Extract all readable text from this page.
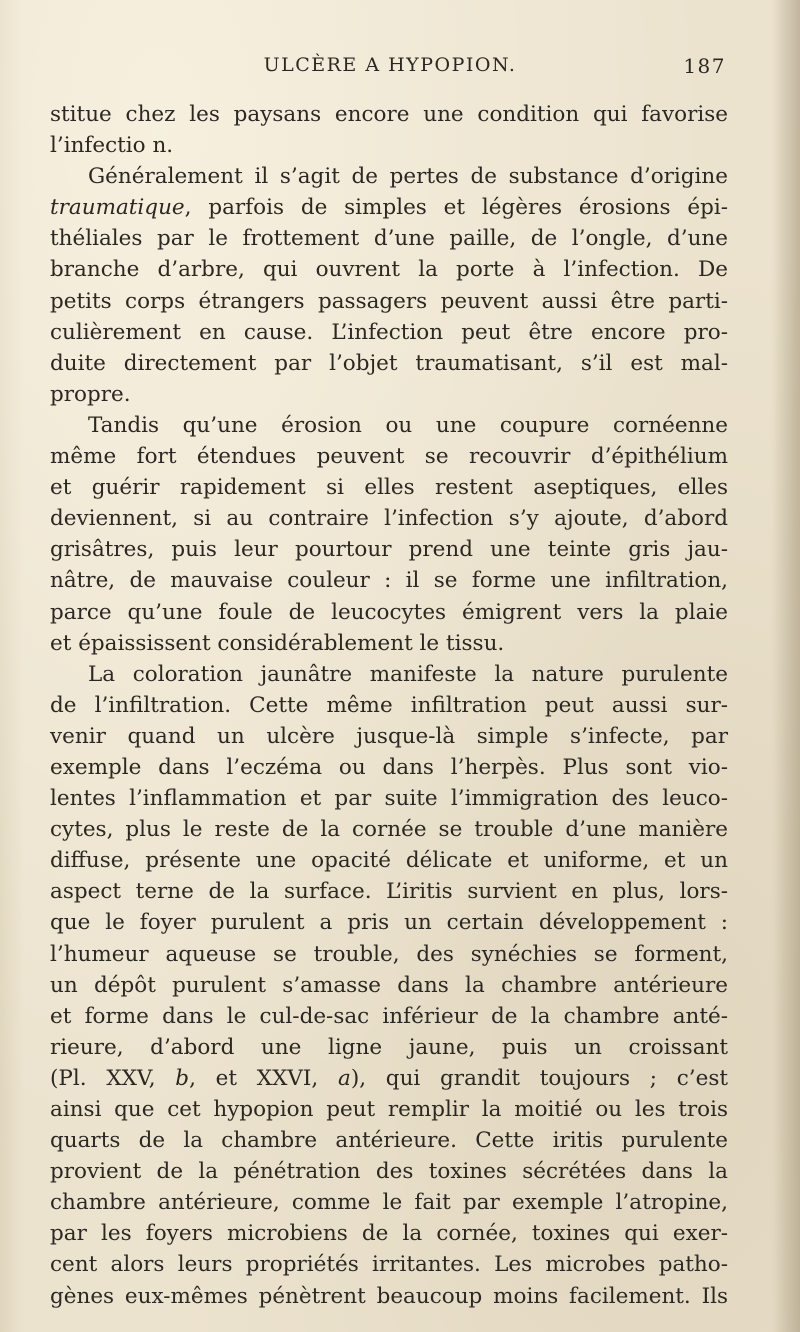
ULCÈRE A HYPOPION.	187
stitue chez les paysans encore une condition qui favorise
l’infectio n.
Généralement il s’agit de pertes de substance d’origine
traumatique, parfois de simples et légères érosions épi-
théliales par le frottement d’une paille, de l’ongle, d’une
branche d’arbre, qui ouvrent la porte à l’infection. De
petits corps étrangers passagers peuvent aussi être parti-
culièrement en cause. L’infection peut être encore pro-
duite directement par l’objet traumatisant, s’il est mal-
propre.
Tandis qu’une érosion ou une coupure cornéenne
même fort étendues peuvent se recouvrir d’épithélium
et guérir rapidement si elles restent aseptiques, elles
deviennent, si au contraire l’infection s’y ajoute, d’abord
grisâtres, puis leur pourtour prend une teinte gris jau-
nâtre, de mauvaise couleur : il se forme une infiltration,
parce qu’une foule de leucocytes émigrent vers la plaie
et épaississent considérablement le tissu.
La coloration jaunâtre manifeste la nature purulente
de l’infiltration. Cette même infiltration peut aussi sur-
venir quand un ulcère jusque-là simple s’infecte, par
exemple dans l’eczéma ou dans l’herpès. Plus sont vio-
lentes l’inflammation et par suite l’immigration des leuco-
cytes, plus le reste de la cornée se trouble d’une manière
diffuse, présente une opacité délicate et uniforme, et un
aspect terne de la surface. L’iritis survient en plus, lors-
que le foyer purulent a pris un certain développement :
l’humeur aqueuse se trouble, des synéchies se forment,
un dépôt purulent s’amasse dans la chambre antérieure
et forme dans le cul-de-sac inférieur de la chambre anté-
rieure, d’abord une ligne jaune, puis un croissant
(Pl. XXV, b, et XXVI, a), qui grandit toujours ; c’est
ainsi que cet hypopion peut remplir la moitié ou les trois
quarts de la chambre antérieure. Cette iritis purulente
provient de la pénétration des toxines sécrétées dans la
chambre antérieure, comme le fait par exemple l’atropine,
par les foyers microbiens de la cornée, toxines qui exer-
cent alors leurs propriétés irritantes. Les microbes patho-
gènes eux-mêmes pénètrent beaucoup moins facilement. Ils
